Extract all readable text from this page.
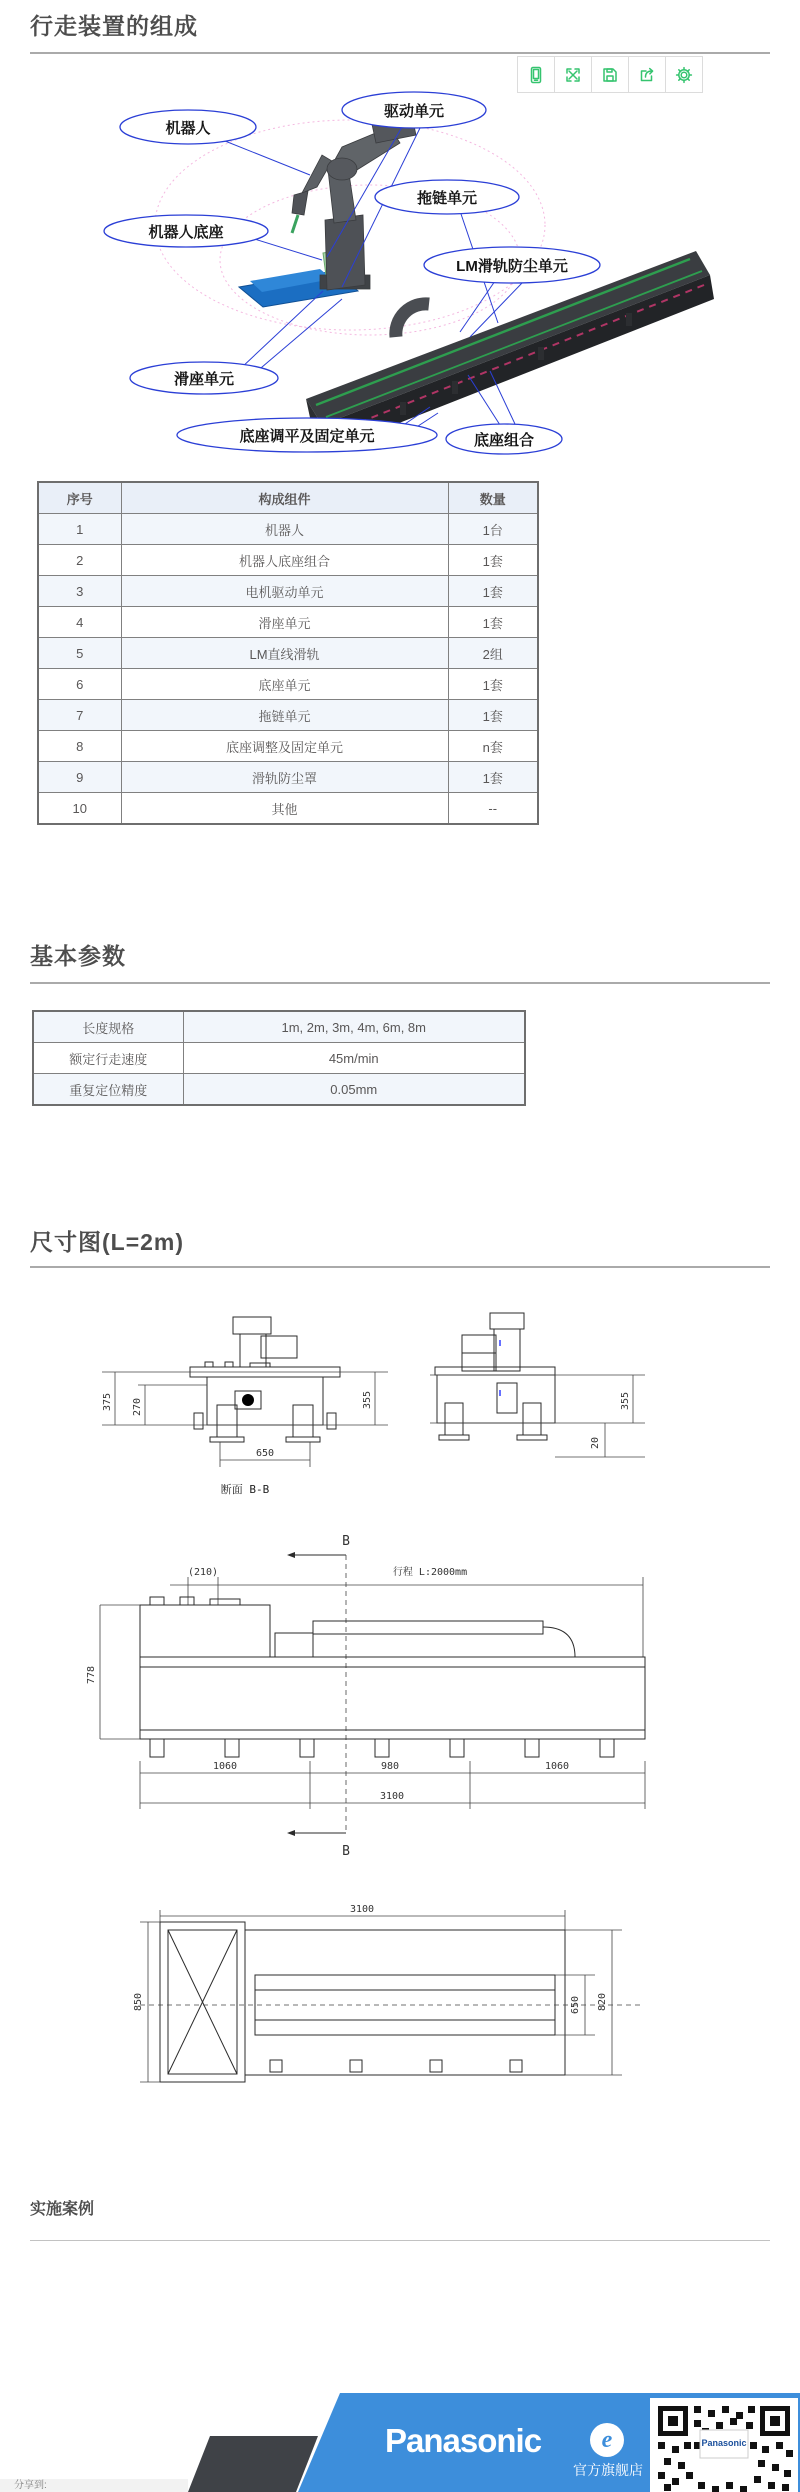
行走装置的组成
机器人
驱动单元
拖链单元
机器人底座
LM滑轨防尘单元
滑座单元
底座调平及固定单元	底座组合
序号	构成组件	数量
1	机器人	1台
2	机器人底座组合	1套
3	电机驱动单元	1套
4	滑座单元	1套
5	LM直线滑轨	2组
6	底座单元	1套
7	拖链单元	1套
8	底座调整及固定单元	n套
9	滑轨防尘罩	1套
10	其他	--
基本参数
长度规格	1m, 2m, 3m, 4m, 6m, 8m
额定行走速度	45m/min
重复定位精度	0.05mm
尺寸图(L=2m)
375 270	355
650
断面 B-B
355
20
B
(210)	行程 L:2000mm
778
1060	980	1060
3100
B
3100
850	650 820
实施案例
Panasonic	e
官方旗舰店
Panasonic
分享到:
